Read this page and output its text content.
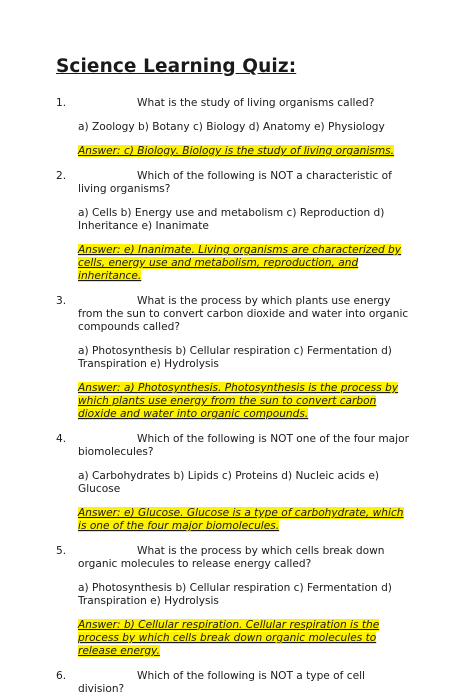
Science Learning Quiz:
1.	What is the study of living organisms called?
a) Zoology b) Botany c) Biology d) Anatomy e) Physiology
Answer: c) Biology. Biology is the study of living organisms.
2.	Which of the following is NOT a characteristic of living organisms?
a) Cells b) Energy use and metabolism c) Reproduction d) Inheritance e) Inanimate
Answer: e) Inanimate. Living organisms are characterized by cells, energy use and metabolism, reproduction, and inheritance.
3.	What is the process by which plants use energy from the sun to convert carbon dioxide and water into organic compounds called?
a) Photosynthesis b) Cellular respiration c) Fermentation d) Transpiration e) Hydrolysis
Answer: a) Photosynthesis. Photosynthesis is the process by which plants use energy from the sun to convert carbon dioxide and water into organic compounds.
4.	Which of the following is NOT one of the four major biomolecules?
a) Carbohydrates b) Lipids c) Proteins d) Nucleic acids e) Glucose
Answer: e) Glucose. Glucose is a type of carbohydrate, which is one of the four major biomolecules.
5.	What is the process by which cells break down organic molecules to release energy called?
a) Photosynthesis b) Cellular respiration c) Fermentation d) Transpiration e) Hydrolysis
Answer: b) Cellular respiration. Cellular respiration is the process by which cells break down organic molecules to release energy.
6.	Which of the following is NOT a type of cell division?
